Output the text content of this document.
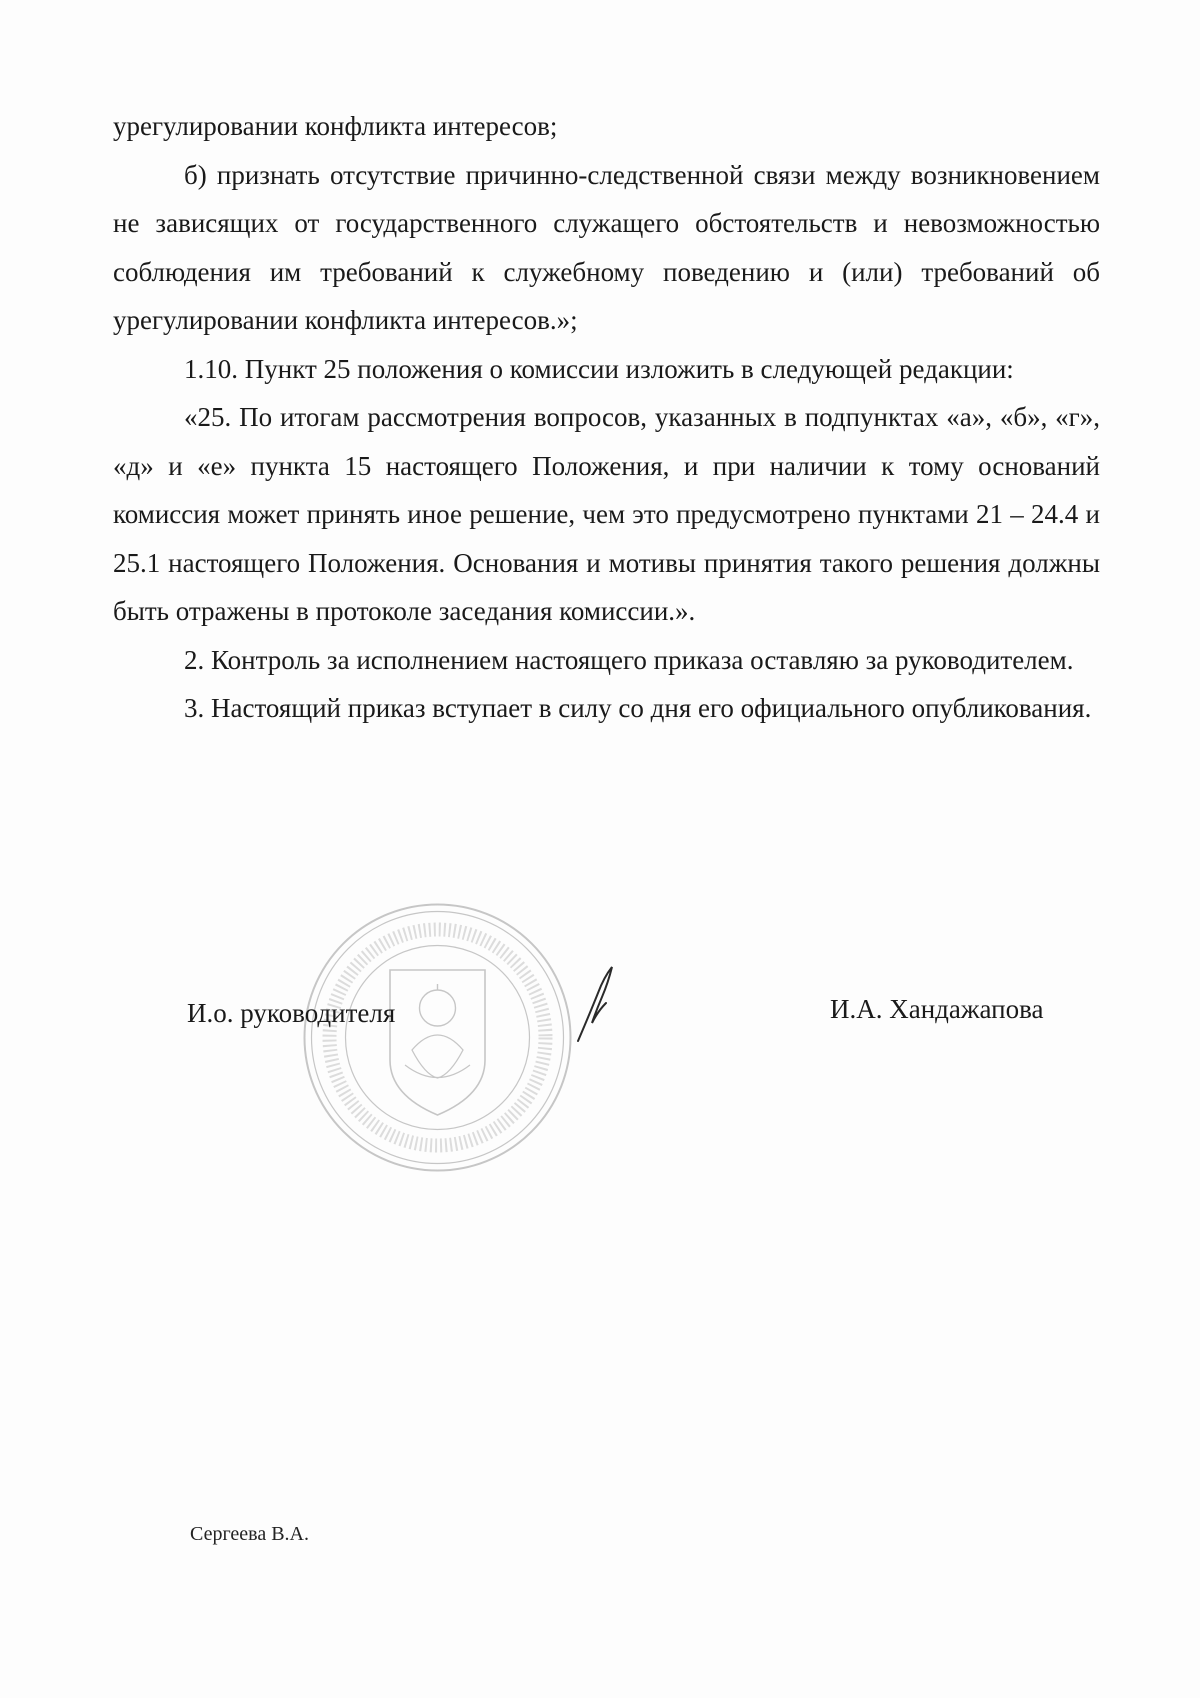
урегулировании конфликта интересов;

б) признать отсутствие причинно-следственной связи между возникновением не зависящих от государственного служащего обстоятельств и невозможностью соблюдения им требований к служебному поведению и (или) требований об урегулировании конфликта интересов.»;

1.10. Пункт 25 положения о комиссии изложить в следующей редакции:

«25. По итогам рассмотрения вопросов, указанных в подпунктах «а», «б», «г», «д» и «е» пункта 15 настоящего Положения, и при наличии к тому оснований комиссия может принять иное решение, чем это предусмотрено пунктами 21 – 24.4 и 25.1 настоящего Положения. Основания и мотивы принятия такого решения должны быть отражены в протоколе заседания комиссии.».

2. Контроль за исполнением настоящего приказа оставляю за руководителем.

3. Настоящий приказ вступает в силу со дня его официального опубликования.

И.о. руководителя	И.А. Хандажапова
Сергеева В.А.
